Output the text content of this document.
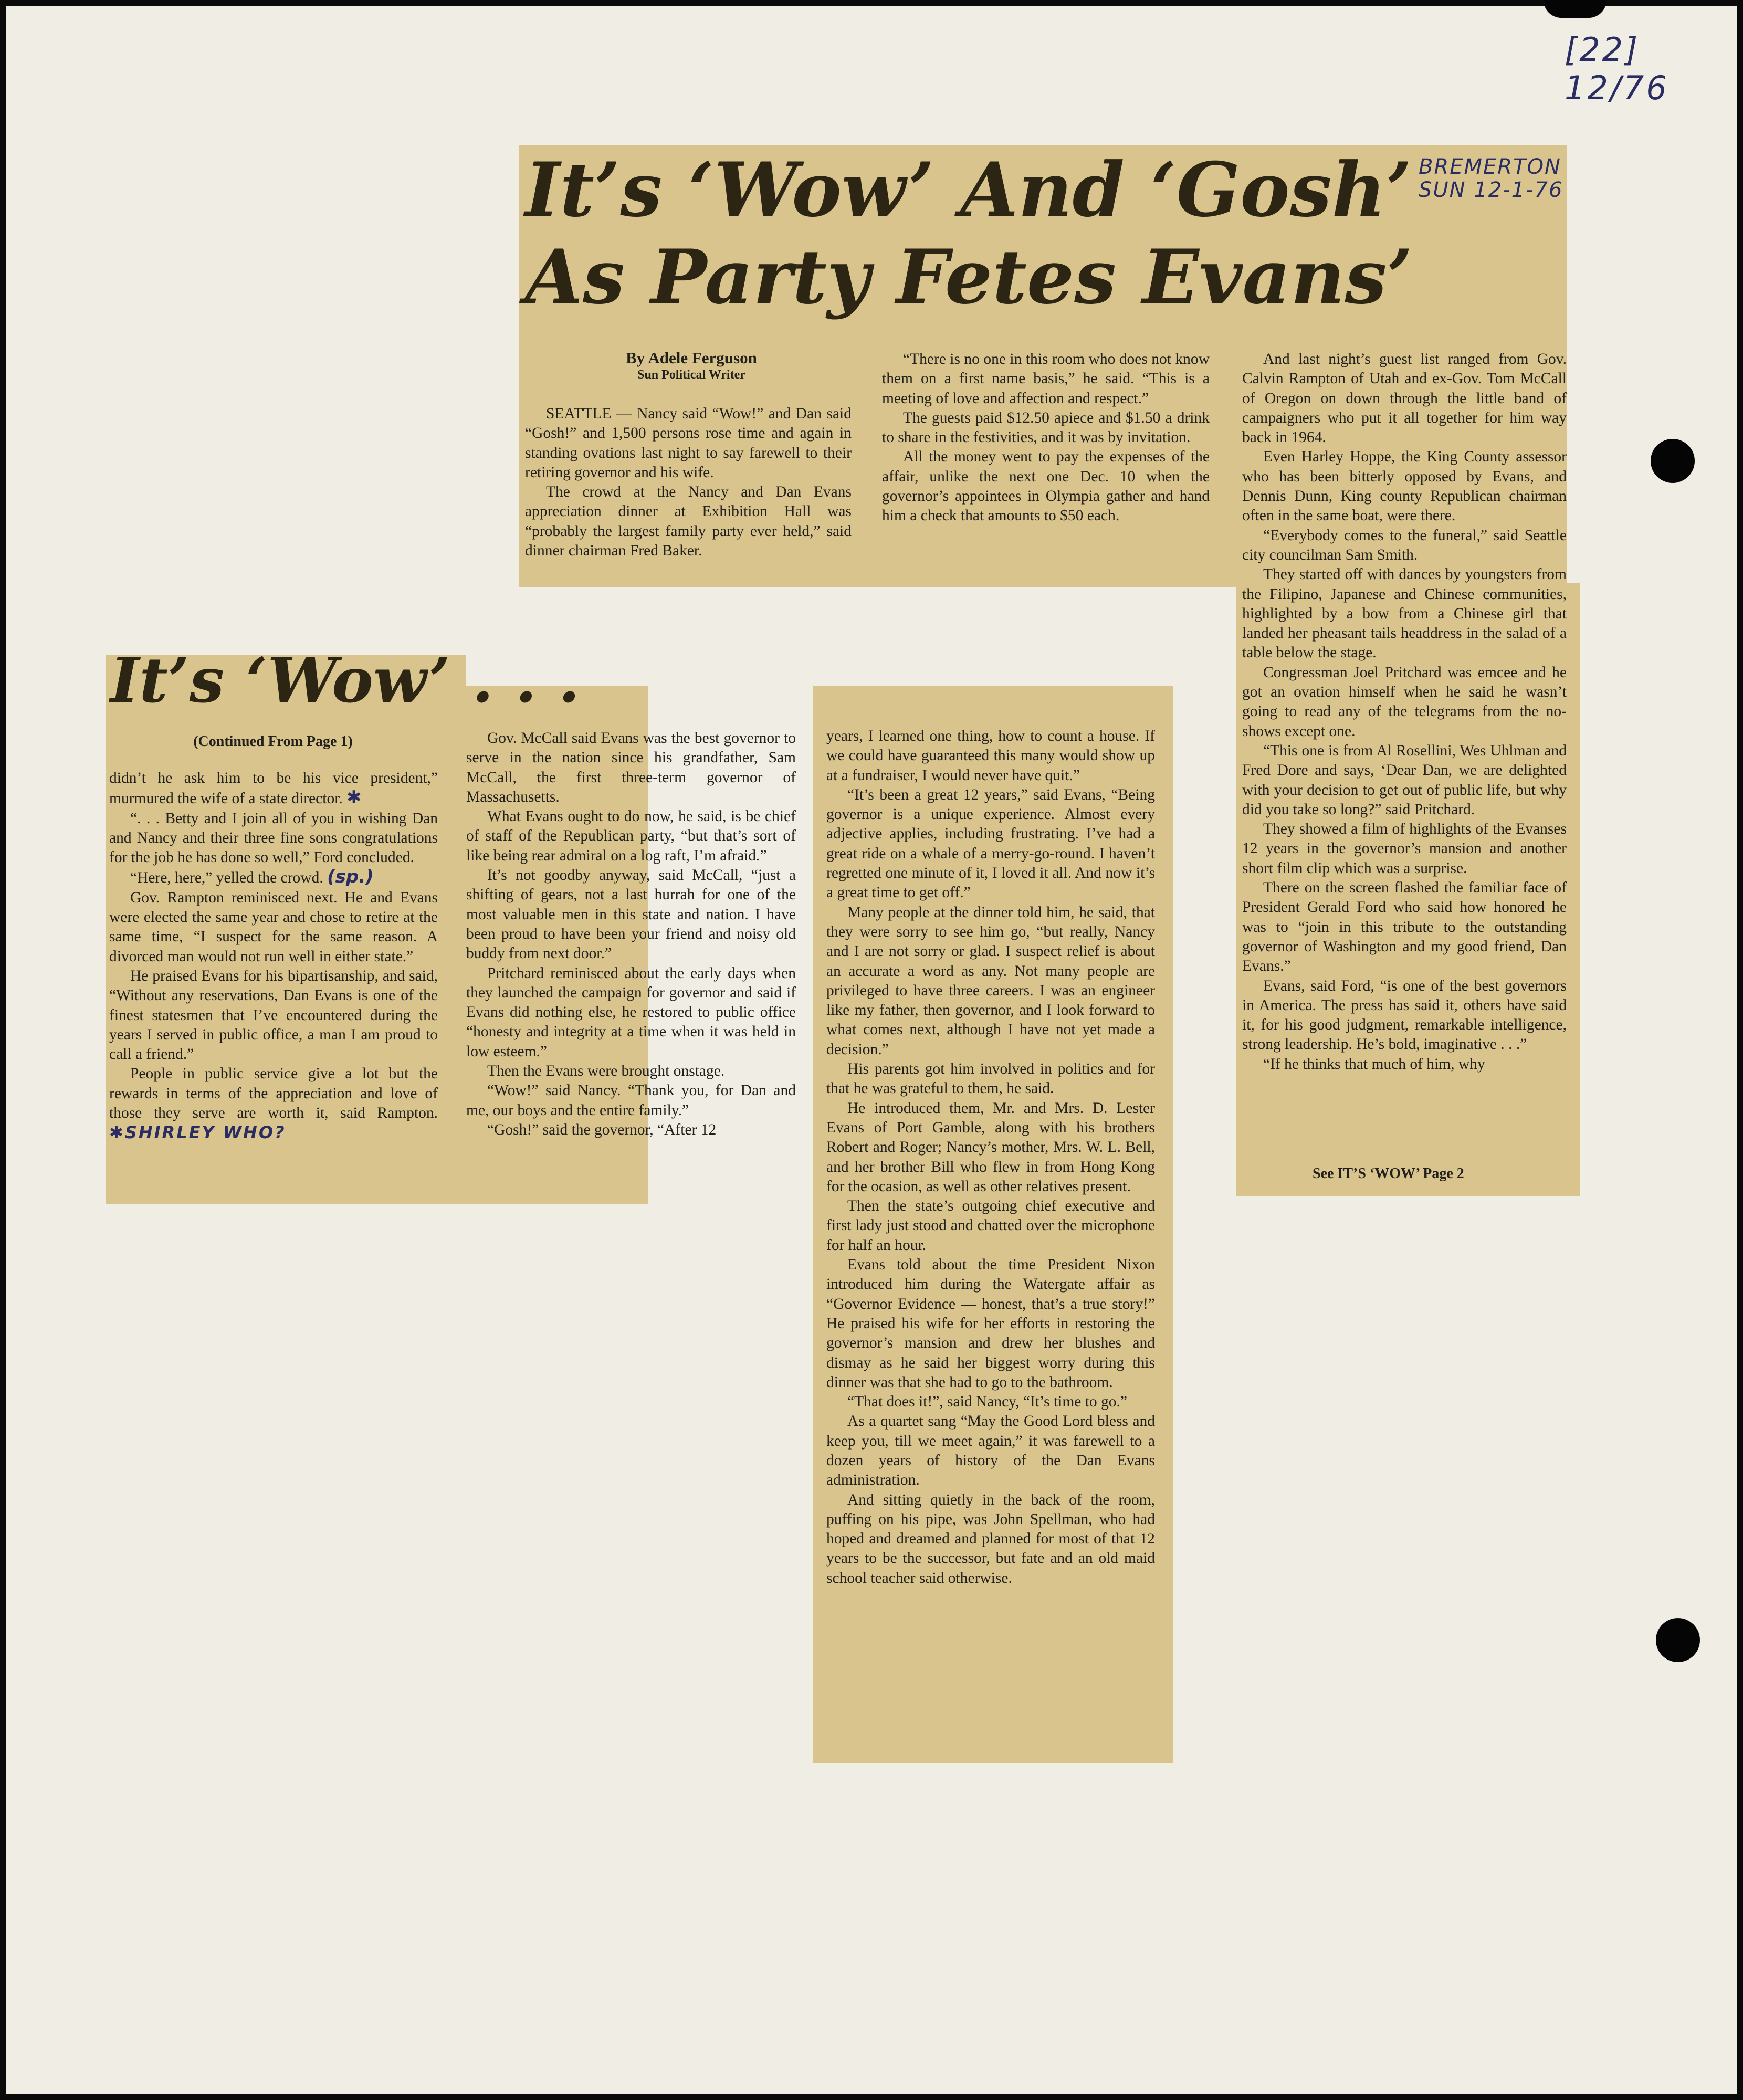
[22] 12/76
It’s ‘Wow’ And ‘Gosh’
As Party Fetes Evans’
BREMERTON
SUN 12-1-76
By Adele Ferguson
Sun Political Writer

SEATTLE — Nancy said “Wow!” and Dan said “Gosh!” and 1,500 persons rose time and again in standing ovations last night to say farewell to their retiring governor and his wife.

The crowd at the Nancy and Dan Evans appreciation dinner at Exhibition Hall was “probably the largest family party ever held,” said dinner chairman Fred Baker.

“There is no one in this room who does not know them on a first name basis,” he said. “This is a meeting of love and affection and respect.”

The guests paid $12.50 apiece and $1.50 a drink to share in the festivities, and it was by invitation.

All the money went to pay the expenses of the affair, unlike the next one Dec. 10 when the governor’s appointees in Olympia gather and hand him a check that amounts to $50 each.

And last night’s guest list ranged from Gov. Calvin Rampton of Utah and ex-Gov. Tom McCall of Oregon on down through the little band of campaigners who put it all together for him way back in 1964.

Even Harley Hoppe, the King County assessor who has been bitterly opposed by Evans, and Dennis Dunn, King county Republican chairman often in the same boat, were there.

“Everybody comes to the funeral,” said Seattle city councilman Sam Smith.

They started off with dances by youngsters from the Filipino, Japanese and Chinese communities, highlighted by a bow from a Chinese girl that landed her pheasant tails headdress in the salad of a table below the stage.

Congressman Joel Pritchard was emcee and he got an ovation himself when he said he wasn’t going to read any of the telegrams from the no-shows except one.

“This one is from Al Rosellini, Wes Uhlman and Fred Dore and says, ‘Dear Dan, we are delighted with your decision to get out of public life, but why did you take so long?” said Pritchard.

They showed a film of highlights of the Evanses 12 years in the governor’s mansion and another short film clip which was a surprise.

There on the screen flashed the familiar face of President Gerald Ford who said how honored he was to “join in this tribute to the outstanding governor of Washington and my good friend, Dan Evans.”

Evans, said Ford, “is one of the best governors in America. The press has said it, others have said it, for his good judgment, remarkable intelligence, strong leadership. He’s bold, imaginative . . .”

“If he thinks that much of him, why

See IT’S ‘WOW’ Page 2
It’s ‘Wow’ . . .
(Continued From Page 1)

didn’t he ask him to be his vice president,” murmured the wife of a state director. ✱

“. . . Betty and I join all of you in wishing Dan and Nancy and their three fine sons congratulations for the job he has done so well,” Ford concluded.

“Here, here,” yelled the crowd. (sp.)

Gov. Rampton reminisced next. He and Evans were elected the same year and chose to retire at the same time, “I suspect for the same reason. A divorced man would not run well in either state.”

He praised Evans for his bipartisanship, and said, “Without any reservations, Dan Evans is one of the finest statesmen that I’ve encountered during the years I served in public office, a man I am proud to call a friend.”

People in public service give a lot but the rewards in terms of the appreciation and love of those they serve are worth it, said Rampton. ✱SHIRLEY WHO?

Gov. McCall said Evans was the best governor to serve in the nation since his grandfather, Sam McCall, the first three-term governor of Massachusetts.

What Evans ought to do now, he said, is be chief of staff of the Republican party, “but that’s sort of like being rear admiral on a log raft, I’m afraid.”

It’s not goodby anyway, said McCall, “just a shifting of gears, not a last hurrah for one of the most valuable men in this state and nation. I have been proud to have been your friend and noisy old buddy from next door.”

Pritchard reminisced about the early days when they launched the campaign for governor and said if Evans did nothing else, he restored to public office “honesty and integrity at a time when it was held in low esteem.”

Then the Evans were brought onstage.

“Wow!” said Nancy. “Thank you, for Dan and me, our boys and the entire family.”

“Gosh!” said the governor, “After 12

years, I learned one thing, how to count a house. If we could have guaranteed this many would show up at a fundraiser, I would never have quit.”

“It’s been a great 12 years,” said Evans, “Being governor is a unique experience. Almost every adjective applies, including frustrating. I’ve had a great ride on a whale of a merry-go-round. I haven’t regretted one minute of it, I loved it all. And now it’s a great time to get off.”

Many people at the dinner told him, he said, that they were sorry to see him go, “but really, Nancy and I are not sorry or glad. I suspect relief is about an accurate a word as any. Not many people are privileged to have three careers. I was an engineer like my father, then governor, and I look forward to what comes next, although I have not yet made a decision.”

His parents got him involved in politics and for that he was grateful to them, he said.

He introduced them, Mr. and Mrs. D. Lester Evans of Port Gamble, along with his brothers Robert and Roger; Nancy’s mother, Mrs. W. L. Bell, and her brother Bill who flew in from Hong Kong for the ocasion, as well as other relatives present.

Then the state’s outgoing chief executive and first lady just stood and chatted over the microphone for half an hour.

Evans told about the time President Nixon introduced him during the Watergate affair as “Governor Evidence — honest, that’s a true story!” He praised his wife for her efforts in restoring the governor’s mansion and drew her blushes and dismay as he said her biggest worry during this dinner was that she had to go to the bathroom.

“That does it!”, said Nancy, “It’s time to go.”

As a quartet sang “May the Good Lord bless and keep you, till we meet again,” it was farewell to a dozen years of history of the Dan Evans administration.

And sitting quietly in the back of the room, puffing on his pipe, was John Spellman, who had hoped and dreamed and planned for most of that 12 years to be the successor, but fate and an old maid school teacher said otherwise.
